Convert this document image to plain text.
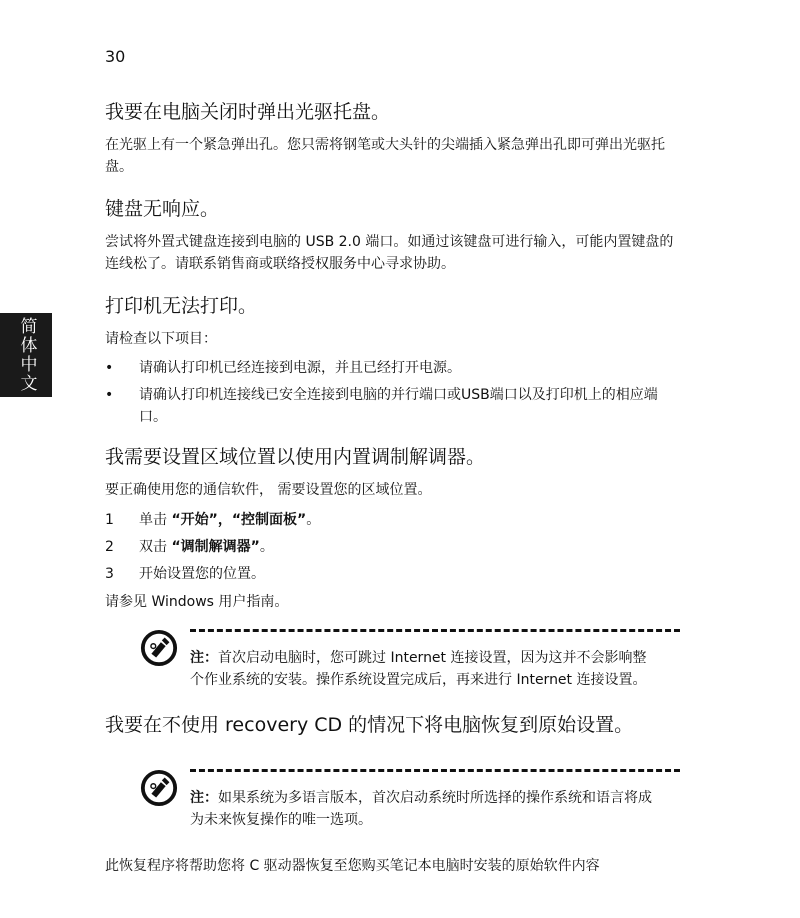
30
简体中文
我要在电脑关闭时弹出光驱托盘。

在光驱上有一个紧急弹出孔。您只需将钢笔或大头针的尖端插入紧急弹出孔即可弹出光驱托盘。

键盘无响应。

尝试将外置式键盘连接到电脑的 USB 2.0 端口。如通过该键盘可进行输入，可能内置键盘的连线松了。请联系销售商或联络授权服务中心寻求协助。

打印机无法打印。

请检查以下项目：

• 请确认打印机已经连接到电源，并且已经打开电源。
• 请确认打印机连接线已安全连接到电脑的并行端口或USB端口以及打印机上的相应端口。
我需要设置区域位置以使用内置调制解调器。

要正确使用您的通信软件， 需要设置您的区域位置。

1 单击 “开始”，“控制面板”。
2 双击 “调制解调器”。
3 开始设置您的位置。

请参见 Windows 用户指南。

注：首次启动电脑时，您可跳过 Internet 连接设置，因为这并不会影响整个作业系统的安装。操作系统设置完成后，再来进行 Internet 连接设置。
我要在不使用 recovery CD 的情况下将电脑恢复到原始设置。
注：如果系统为多语言版本，首次启动系统时所选择的操作系统和语言将成为未来恢复操作的唯一选项。

此恢复程序将帮助您将 C 驱动器恢复至您购买笔记本电脑时安装的原始软件内容
